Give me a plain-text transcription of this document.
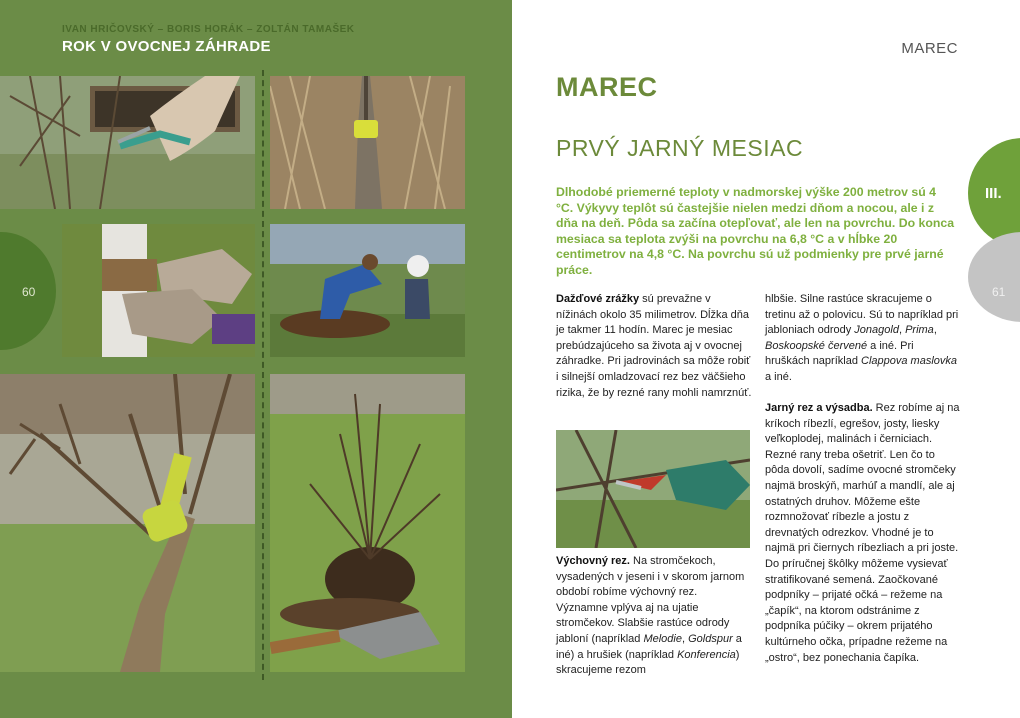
IVAN HRIČOVSKÝ – BORIS HORÁK – ZOLTÁN TAMAŠEK
ROK V OVOCNEJ ZÁHRADE
60
MAREC
MAREC
PRVÝ JARNÝ MESIAC
III.
61
Dlhodobé priemerné teploty v nadmorskej výške 200 metrov sú 4 °C. Výkyvy teplôt sú častejšie nielen medzi dňom a nocou, ale i z dňa na deň. Pôda sa začína otepľovať, ale len na povrchu. Do konca mesiaca sa teplota zvýši na povrchu na 6,8 °C a v hĺbke 20 centimetrov na 4,8 °C. Na povrchu sú už podmienky pre prvé jarné práce.
Dažďové zrážky sú prevažne v nížinách okolo 35 milimetrov. Dĺžka dňa je takmer 11 hodín. Marec je mesiac prebúdzajúceho sa života aj v ovocnej záhradke. Pri jadrovinách sa môže robiť i silnejší omladzovací rez bez väčšieho rizika, že by rezné rany mohli namrznúť.
Výchovný rez. Na stromčekoch, vysadených v jeseni i v skorom jarnom období robíme výchovný rez. Významne vplýva aj na ujatie stromčekov. Slabšie rastúce odrody jabloní (napríklad Melodie, Goldspur a iné) a hrušiek (napríklad Konferencia) skracujeme rezom
hlbšie. Silne rastúce skracujeme o tretinu až o polovicu. Sú to napríklad pri jabloniach odrody Jonagold, Prima, Boskoopské červené a iné. Pri hruškách napríklad Clappova maslovka a iné.
Jarný rez a výsadba. Rez robíme aj na kríkoch ríbezlí, egrešov, josty, liesky veľkoplodej, malinách i černiciach. Rezné rany treba ošetriť. Len čo to pôda dovolí, sadíme ovocné stromčeky najmä broskýň, marhúľ a mandlí, ale aj ostatných druhov. Môžeme ešte rozmnožovať ríbezle a jostu z drevnatých odrezkov. Vhodné je to najmä pri čiernych ríbezliach a pri joste. Do príručnej škôlky môžeme vysievať stratifikované semená. Zaočkované podpníky – prijaté očká – režeme na „čapík“, na ktorom odstránime z podpníka púčiky – okrem prijatého kultúrneho očka, prípadne režeme na „ostro“, bez ponechania čapíka.
